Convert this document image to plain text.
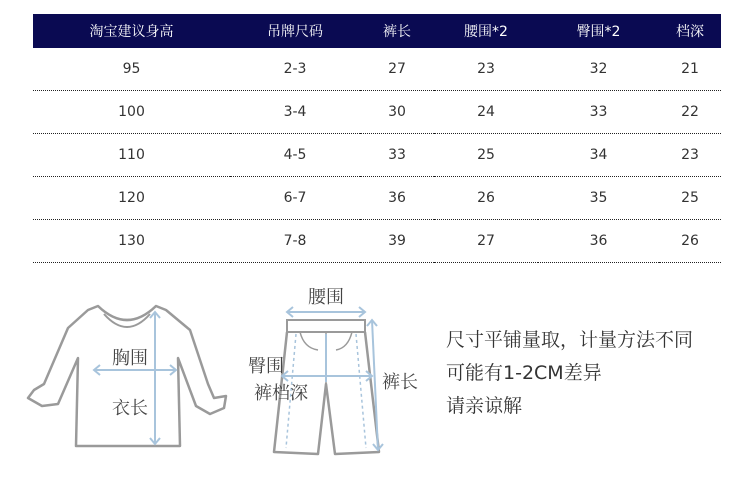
淘宝建议身高	吊牌尺码	裤长	腰围*2	臀围*2	档深
95	2-3	27	23	32	21
100	3-4	30	24	33	22
110	4-5	33	25	34	23
120	6-7	36	26	35	25
130	7-8	39	27	36	26
胸围
衣长
腰围
臀围
裤档深
裤长
尺寸平铺量取，计量方法不同
可能有1-2CM差异
请亲谅解
